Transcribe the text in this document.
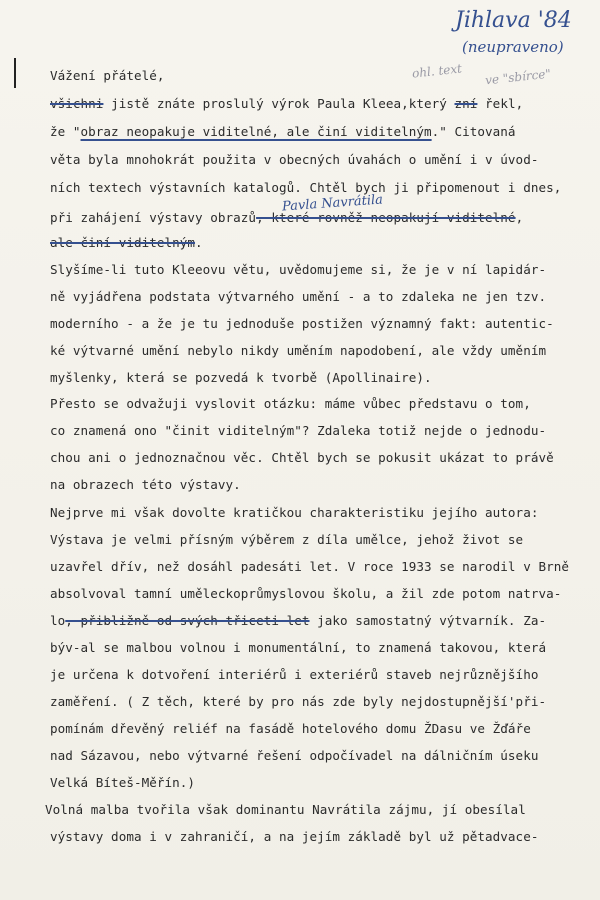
Jihlava '84
(neupraveno)
ohl. text ve "sbírce"
Pavla Navrátila
Vážení přátelé,
všichni jistě znáte proslulý výrok Paula Kleea,který zní řekl,
že "obraz neopakuje viditelné, ale činí viditelným." Citovaná
věta byla mnohokrát použita v obecných úvahách o umění i v úvod-
ních textech výstavních katalogů. Chtěl bych ji připomenout i dnes,
při zahájení výstavy obrazů, které rovněž neopakují viditelné,
ale činí viditelným.
Slyšíme-li tuto Kleeovu větu, uvědomujeme si, že je v ní lapidár-
ně vyjádřena podstata výtvarného umění - a to zdaleka ne jen tzv.
moderního - a že je tu jednoduše postižen významný fakt: autentic-
ké výtvarné umění nebylo nikdy uměním napodobení, ale vždy uměním
myšlenky, která se pozvedá k tvorbě (Apollinaire).
Přesto se odvažuji vyslovit otázku: máme vůbec představu o tom,
co znamená ono "činit viditelným"? Zdaleka totiž nejde o jednodu-
chou ani o jednoznačnou věc. Chtěl bych se pokusit ukázat to právě
na obrazech této výstavy.
Nejprve mi však dovolte kratičkou charakteristiku jejího autora:
Výstava je velmi přísným výběrem z díla umělce, jehož život se
uzavřel dřív, než dosáhl padesáti let. V roce 1933 se narodil v Brně
absolvoval tamní uměleckoprůmyslovou školu, a žil zde potom natrva-
lo, přibližně od svých třiceti let jako samostatný výtvarník. Za-
býv-al se malbou volnou i monumentální, to znamená takovou, která
je určena k dotvoření interiérů i exteriérů staveb nejrůznějšího
zaměření. ( Z těch, které by pro nás zde byly nejdostupnější'při-
pomínám dřevěný reliéf na fasádě hotelového domu ŽDasu ve Žďáře
nad Sázavou, nebo výtvarné řešení odpočívadel na dálničním úseku
Velká Bíteš-Měřín.)
Volná malba tvořila však dominantu Navrátila zájmu, jí obesílal
výstavy doma i v zahraničí, a na jejím základě byl už pětadvace-
